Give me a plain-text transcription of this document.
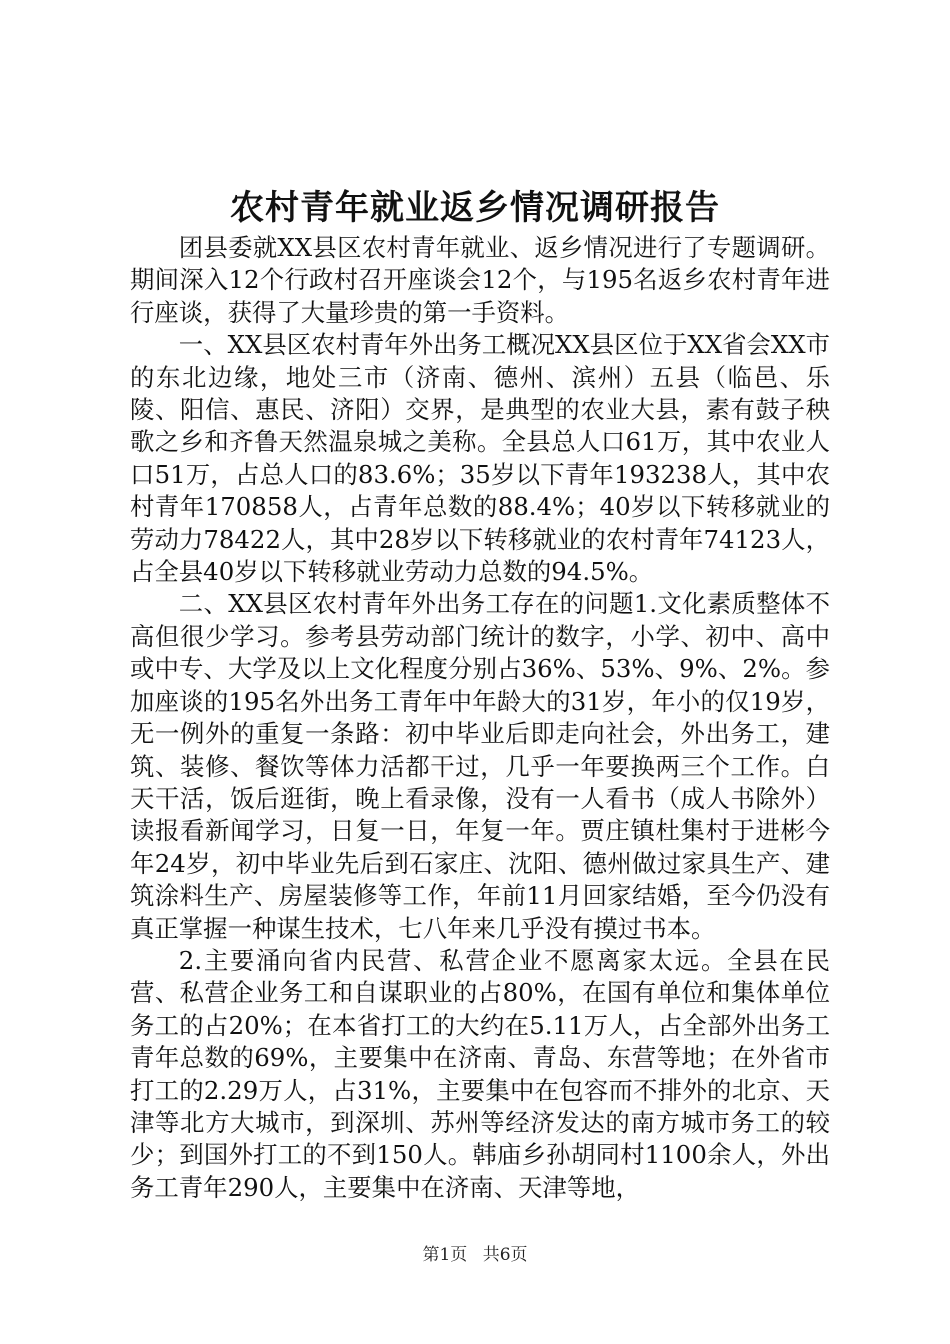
农村青年就业返乡情况调研报告

团县委就XX县区农村青年就业、返乡情况进行了专题调研。期间深入12个行政村召开座谈会12个，与195名返乡农村青年进行座谈，获得了大量珍贵的第一手资料。

一、XX县区农村青年外出务工概况XX县区位于XX省会XX市的东北边缘，地处三市（济南、德州、滨州）五县（临邑、乐陵、阳信、惠民、济阳）交界，是典型的农业大县，素有鼓子秧歌之乡和齐鲁天然温泉城之美称。全县总人口61万，其中农业人口51万，占总人口的83.6%；35岁以下青年193238人，其中农村青年170858人，占青年总数的88.4%；40岁以下转移就业的劳动力78422人，其中28岁以下转移就业的农村青年74123人，占全县40岁以下转移就业劳动力总数的94.5%。

二、XX县区农村青年外出务工存在的问题1.文化素质整体不高但很少学习。参考县劳动部门统计的数字，小学、初中、高中或中专、大学及以上文化程度分别占36%、53%、9%、2%。参加座谈的195名外出务工青年中年龄大的31岁，年小的仅19岁，无一例外的重复一条路：初中毕业后即走向社会，外出务工，建筑、装修、餐饮等体力活都干过，几乎一年要换两三个工作。白天干活，饭后逛街，晚上看录像，没有一人看书（成人书除外）读报看新闻学习，日复一日，年复一年。贾庄镇杜集村于进彬今年24岁，初中毕业先后到石家庄、沈阳、德州做过家具生产、建筑涂料生产、房屋装修等工作，年前11月回家结婚，至今仍没有真正掌握一种谋生技术，七八年来几乎没有摸过书本。

2.主要涌向省内民营、私营企业不愿离家太远。全县在民营、私营企业务工和自谋职业的占80%，在国有单位和集体单位务工的占20%；在本省打工的大约在5.11万人，占全部外出务工青年总数的69%，主要集中在济南、青岛、东营等地；在外省市打工的2.29万人，占31%，主要集中在包容而不排外的北京、天津等北方大城市，到深圳、苏州等经济发达的南方城市务工的较少；到国外打工的不到150人。韩庙乡孙胡同村1100余人，外出务工青年290人，主要集中在济南、天津等地，

第1页 共6页
